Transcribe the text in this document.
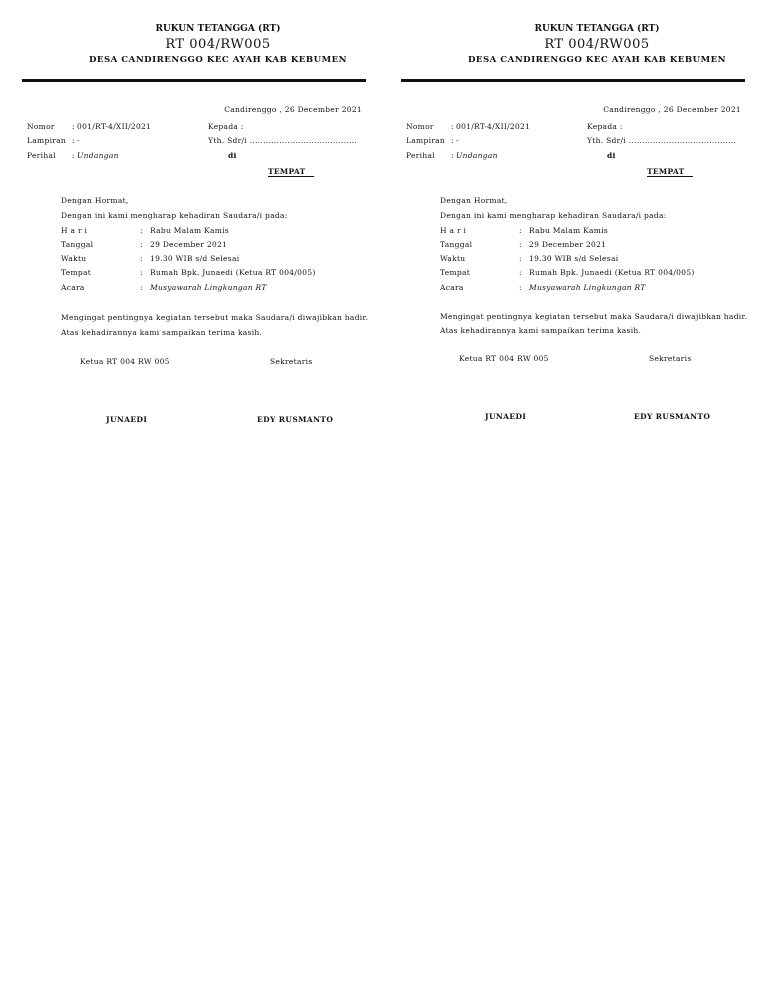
RUKUN TETANGGA (RT)
RT 004/RW005
DESA CANDIRENGGO KEC AYAH KAB KEBUMEN
Candirenggo , 26 December 2021
Nomor : 001/RT-4/XII/2021
Lampiran : -
Perihal : Undangan
Kepada :
Yth. Sdr/i ........................................
di
TEMPAT
Dengan Hormat,
Dengan ini kami mengharap kehadiran Saudara/i pada:
H a r i	: Rabu Malam Kamis
Tanggal	: 29 December 2021
Waktu	: 19.30 WIB s/d Selesai
Tempat	: Rumah Bpk. Junaedi (Ketua RT 004/005)
Acara	: Musyawarah Lingkungan RT
Mengingat pentingnya kegiatan tersebut maka Saudara/i diwajibkan hadir.
Atas kehadirannya kami sampaikan terima kasih.
Ketua RT 004 RW 005	Sekretaris
JUNAEDI	EDY RUSMANTO
RUKUN TETANGGA (RT)
RT 004/RW005
DESA CANDIRENGGO KEC AYAH KAB KEBUMEN
Candirenggo , 26 December 2021
Nomor : 001/RT-4/XII/2021
Lampiran : -
Perihal : Undangan
Kepada :
Yth. Sdr/i ........................................
di
TEMPAT
Dengan Hormat,
Dengan ini kami mengharap kehadiran Saudara/i pada:
H a r i	: Rabu Malam Kamis
Tanggal	: 29 December 2021
Waktu	: 19.30 WIB s/d Selesai
Tempat	: Rumah Bpk. Junaedi (Ketua RT 004/005)
Acara	: Musyawarah Lingkungan RT
Mengingat pentingnya kegiatan tersebut maka Saudara/i diwajibkan hadir.
Atas kehadirannya kami sampaikan terima kasih.
Ketua RT 004 RW 005	Sekretaris
JUNAEDI	EDY RUSMANTO
